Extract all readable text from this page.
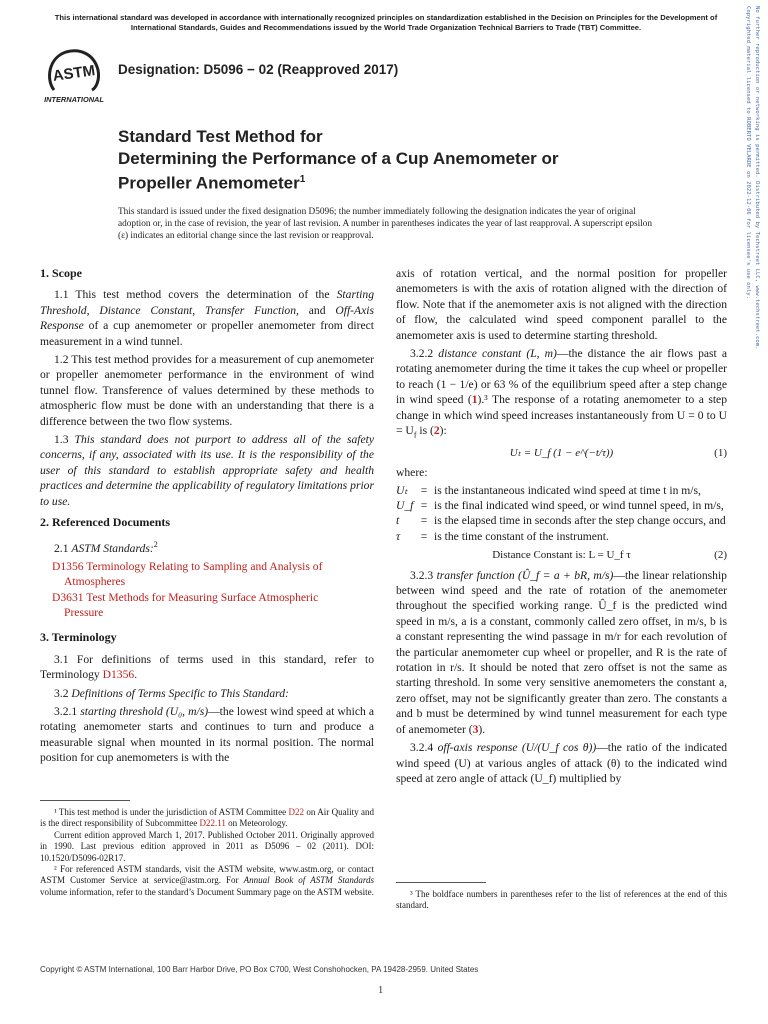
This international standard was developed in accordance with internationally recognized principles on standardization established in the Decision on Principles for the Development of International Standards, Guides and Recommendations issued by the World Trade Organization Technical Barriers to Trade (TBT) Committee.
ASTM
INTERNATIONAL
Designation: D5096 − 02 (Reapproved 2017)
Standard Test Method for
Determining the Performance of a Cup Anemometer or
Propeller Anemometer$^1$
This standard is issued under the fixed designation D5096; the number immediately following the designation indicates the year of original adoption or, in the case of revision, the year of last revision. A number in parentheses indicates the year of last reapproval. A superscript epsilon (ε) indicates an editorial change since the last revision or reapproval.	Copyrighted material licensed to ROBERTO VELARDE on 2022-12-06 for licensee's use only. No further reproduction or networking is permitted. Distributed by Techstreet LLC, www.techstreet.com.
1. Scope

1.1 This test method covers the determination of the Starting Threshold, Distance Constant, Transfer Function, and Off-Axis Response of a cup anemometer or propeller anemometer from direct measurement in a wind tunnel.

1.2 This test method provides for a measurement of cup anemometer or propeller anemometer performance in the environment of wind tunnel flow. Transference of values determined by these methods to atmospheric flow must be done with an understanding that there is a difference between the two flow systems.

1.3 This standard does not purport to address all of the safety concerns, if any, associated with its use. It is the responsibility of the user of this standard to establish appropriate safety and health practices and determine the applicability of regulatory limitations prior to use.

2. Referenced Documents

2.1 ASTM Standards:$^2$

D1356 Terminology Relating to Sampling and Analysis of
Atmospheres

D3631 Test Methods for Measuring Surface Atmospheric
Pressure

3. Terminology

3.1 For definitions of terms used in this standard, refer to Terminology D1356.

3.2 Definitions of Terms Specific to This Standard:

3.2.1 starting threshold (U₀, m/s)—the lowest wind speed at which a rotating anemometer starts and continues to turn and produce a measurable signal when mounted in its normal position. The normal position for cup anemometers is with the

¹ This test method is under the jurisdiction of ASTM Committee D22 on Air Quality and is the direct responsibility of Subcommittee D22.11 on Meteorology.

Current edition approved March 1, 2017. Published October 2011. Originally approved in 1990. Last previous edition approved in 2011 as D5096 – 02 (2011). DOI: 10.1520/D5096-02R17.

² For referenced ASTM standards, visit the ASTM website, www.astm.org, or contact ASTM Customer Service at service@astm.org. For Annual Book of ASTM Standards volume information, refer to the standard’s Document Summary page on the ASTM website.

axis of rotation vertical, and the normal position for propeller anemometers is with the axis of rotation aligned with the direction of flow. Note that if the anemometer axis is not aligned with the direction of flow, the calculated wind speed component parallel to the anemometer axis is used to determine starting threshold.

3.2.2 distance constant (L, m)—the distance the air flows past a rotating anemometer during the time it takes the cup wheel or propeller to reach (1 − 1/e) or 63 % of the equilibrium speed after a step change in wind speed (1).³ The response of a rotating anemometer to a step change in which wind speed increases instantaneously from U = 0 to $U = U_f$ is (2):

Uₜ = U_f (1 − e^(−t/τ))	(1)
where:
Uₜ	= is the instantaneous indicated wind speed at time t in m/s,
U_f = is the final indicated wind speed, or wind tunnel speed, in m/s,
t	= is the elapsed time in seconds after the step change occurs, and
τ	= is the time constant of the instrument.
Distance Constant is: L = U_f τ	(2)

3.2.3 transfer function (Û_f = a + bR, m/s)—the linear relationship between wind speed and the rate of rotation of the anemometer throughout the specified working range. Û_f is the predicted wind speed in m/s, a is a constant, commonly called zero offset, in m/s, b is a constant representing the wind passage in m/r for each revolution of the particular anemometer cup wheel or propeller, and R is the rate of rotation in r/s. It should be noted that zero offset is not the same as starting threshold. In some very sensitive anemometers the constant a, zero offset, may not be significantly greater than zero. The constants a and b must be determined by wind tunnel measurement for each type of anemometer (3).

3.2.4 off-axis response (U/(U_f cos θ))—the ratio of the indicated wind speed (U) at various angles of attack (θ) to the indicated wind speed at zero angle of attack (U_f) multiplied by

³ The boldface numbers in parentheses refer to the list of references at the end of this standard.

Copyright © ASTM International, 100 Barr Harbor Drive, PO Box C700, West Conshohocken, PA 19428-2959. United States
1
